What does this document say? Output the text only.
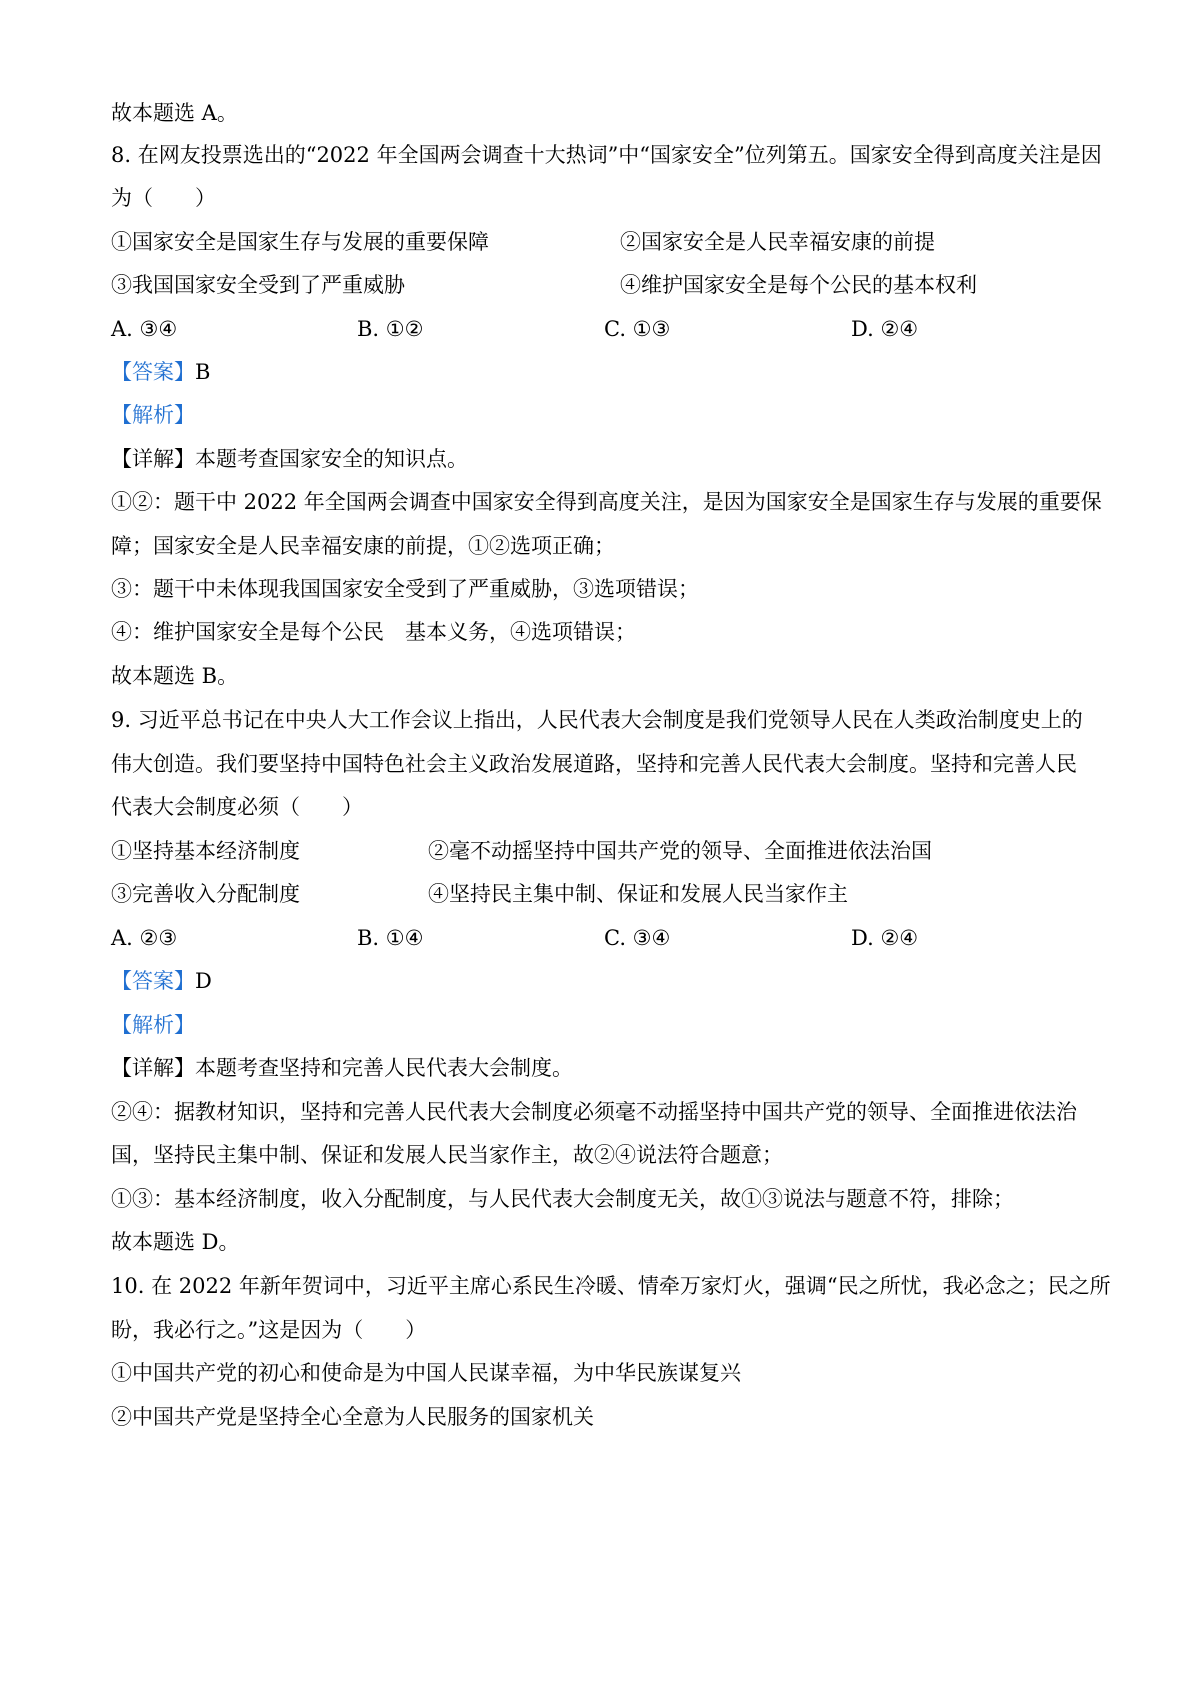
故本题选 A。
8. 在网友投票选出的“2022 年全国两会调查十大热词”中“国家安全”位列第五。国家安全得到高度关注是因
为（　　）
①国家安全是国家生存与发展的重要保障	②国家安全是人民幸福安康的前提
③我国国家安全受到了严重威胁	④维护国家安全是每个公民的基本权利
A. ③④	B. ①②	C. ①③	D. ②④
【答案】B
【解析】
【详解】本题考查国家安全的知识点。
①②：题干中 2022 年全国两会调查中国家安全得到高度关注，是因为国家安全是国家生存与发展的重要保
障；国家安全是人民幸福安康的前提，①②选项正确；
③：题干中未体现我国国家安全受到了严重威胁，③选项错误；
④：维护国家安全是每个公民　基本义务，④选项错误；
故本题选 B。
9. 习近平总书记在中央人大工作会议上指出，人民代表大会制度是我们党领导人民在人类政治制度史上的
伟大创造。我们要坚持中国特色社会主义政治发展道路，坚持和完善人民代表大会制度。坚持和完善人民
代表大会制度必须（　　）
①坚持基本经济制度	②毫不动摇坚持中国共产党的领导、全面推进依法治国
③完善收入分配制度	④坚持民主集中制、保证和发展人民当家作主
A. ②③	B. ①④	C. ③④	D. ②④
【答案】D
【解析】
【详解】本题考查坚持和完善人民代表大会制度。
②④：据教材知识，坚持和完善人民代表大会制度必须毫不动摇坚持中国共产党的领导、全面推进依法治
国，坚持民主集中制、保证和发展人民当家作主，故②④说法符合题意；
①③：基本经济制度，收入分配制度，与人民代表大会制度无关，故①③说法与题意不符，排除；
故本题选 D。
10. 在 2022 年新年贺词中，习近平主席心系民生冷暖、情牵万家灯火，强调“民之所忧，我必念之；民之所
盼，我必行之。”这是因为（　　）
①中国共产党的初心和使命是为中国人民谋幸福，为中华民族谋复兴
②中国共产党是坚持全心全意为人民服务的国家机关
